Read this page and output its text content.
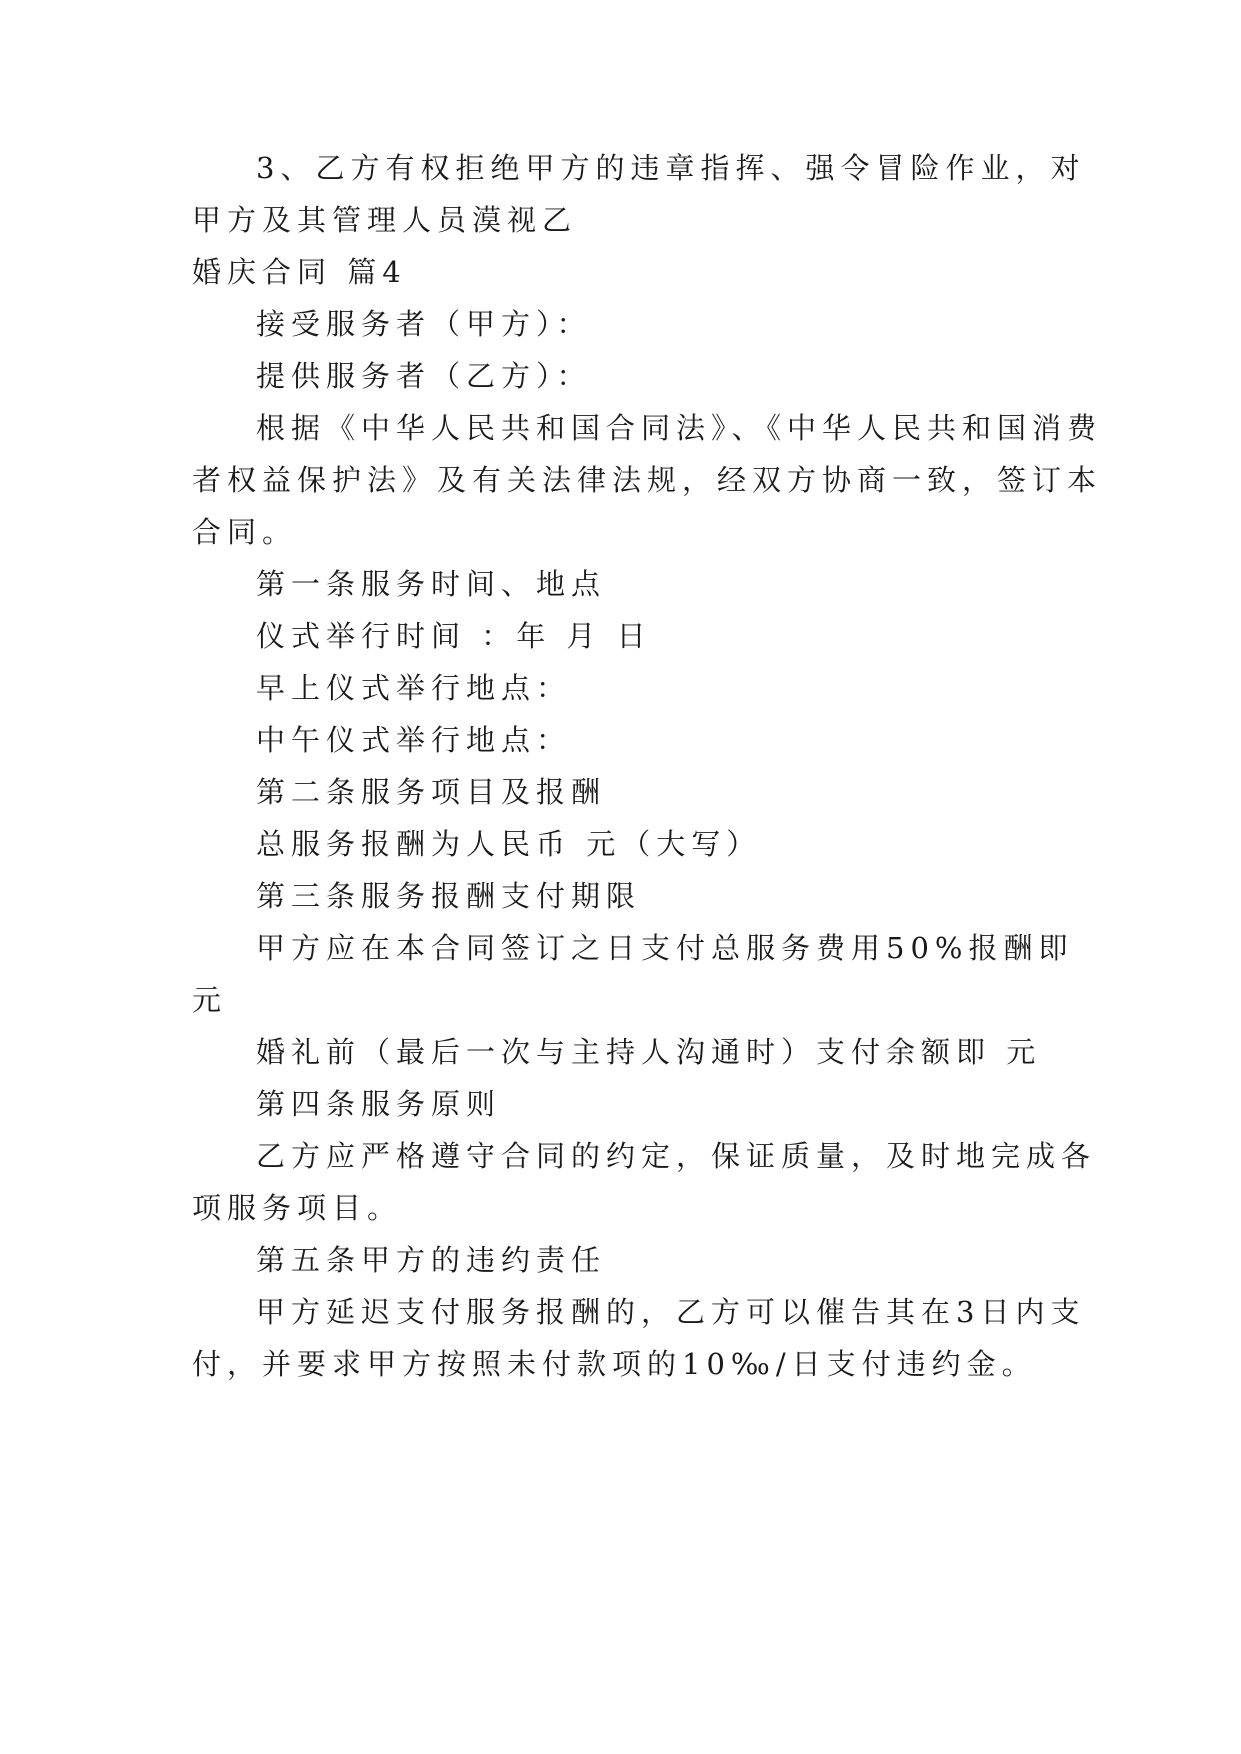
3、乙方有权拒绝甲方的违章指挥、强令冒险作业，对
甲方及其管理人员漠视乙
婚庆合同 篇4
接受服务者（甲方）：
提供服务者（乙方）：
根据《中华人民共和国合同法》、《中华人民共和国消费
者权益保护法》及有关法律法规，经双方协商一致，签订本
合同。
第一条服务时间、地点
仪式举行时间 ：年 月 日
早上仪式举行地点：
中午仪式举行地点：
第二条服务项目及报酬
总服务报酬为人民币 元（大写）
第三条服务报酬支付期限
甲方应在本合同签订之日支付总服务费用50%报酬即
元
婚礼前（最后一次与主持人沟通时）支付余额即 元
第四条服务原则
乙方应严格遵守合同的约定，保证质量，及时地完成各
项服务项目。
第五条甲方的违约责任
甲方延迟支付服务报酬的，乙方可以催告其在3日内支
付，并要求甲方按照未付款项的10‰/日支付违约金。
